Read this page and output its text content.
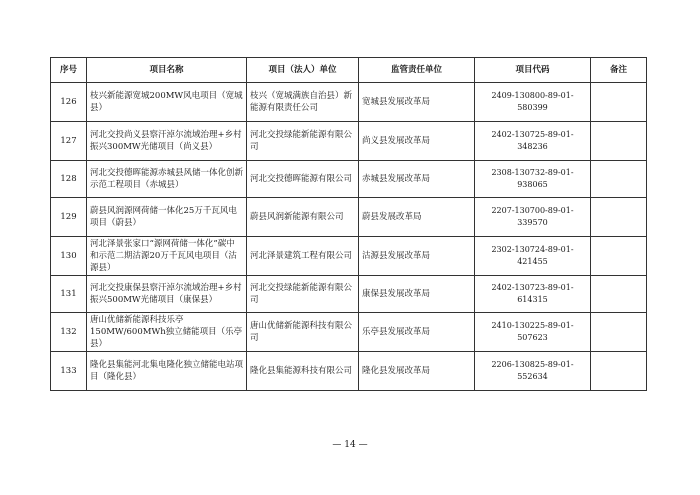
序号	项目名称	项目（法人）单位	监管责任单位	项目代码	备注
126	枝兴新能源宽城200MW风电项目（宽城县）	枝兴（宽城满族自治县）新能源有限责任公司	宽城县发展改革局	2409-130800-89-01-580399	
127	河北交投尚义县察汗淖尔流域治理+乡村振兴300MW光储项目（尚义县）	河北交投绿能新能源有限公司	尚义县发展改革局	2402-130725-89-01-348236	
128	河北交投德晖能源赤城县风储一体化创新示范工程项目（赤城县）	河北交投德晖能源有限公司	赤城县发展改革局	2308-130732-89-01-938065	
129	蔚县风润源网荷储一体化25万千瓦风电项目（蔚县）	蔚县风润新能源有限公司	蔚县发展改革局	2207-130700-89-01-339570	
130	河北泽景张家口“源网荷储一体化”碳中和示范二期沽源20万千瓦风电项目（沽源县）	河北泽景建筑工程有限公司	沽源县发展改革局	2302-130724-89-01-421455	
131	河北交投康保县察汗淖尔流域治理+乡村振兴500MW光储项目（康保县）	河北交投绿能新能源有限公司	康保县发展改革局	2402-130723-89-01-614315	
132	唐山优储新能源科技乐亭150MW/600MWh独立储能项目（乐亭县）	唐山优储新能源科技有限公司	乐亭县发展改革局	2410-130225-89-01-507623	
133	隆化县集能河北集电隆化独立储能电站项目（隆化县）	隆化县集能源科技有限公司	隆化县发展改革局	2206-130825-89-01-552634	
— 14 —
